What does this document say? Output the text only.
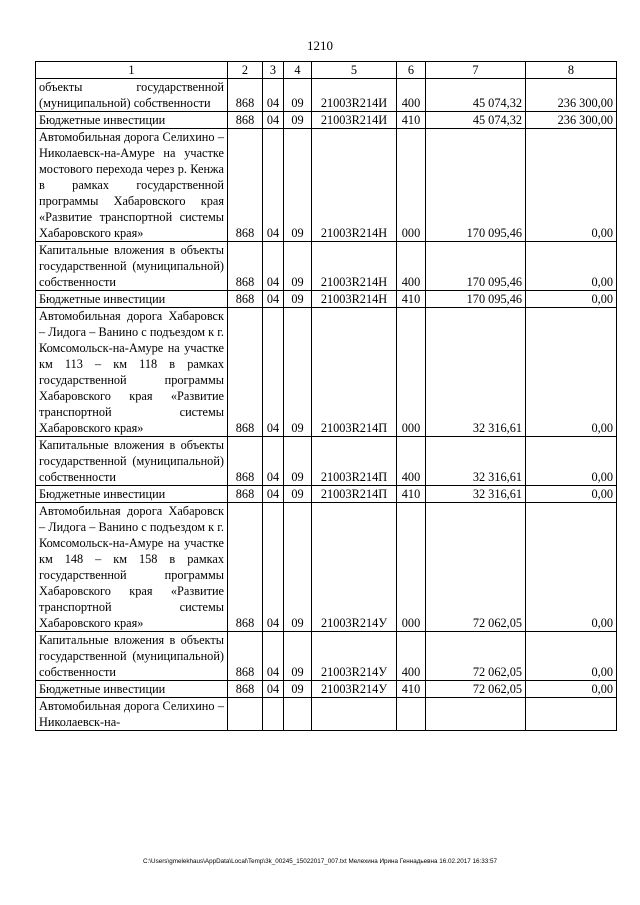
1210
1	2	3	4	5	6	7	8
объекты государственной (муниципальной) собственности	868	04	09	21003R214И	400	45 074,32	236 300,00
Бюджетные инвестиции	868	04	09	21003R214И	410	45 074,32	236 300,00
Автомобильная дорога Селихино – Николаевск-на-Амуре на участке мостового перехода через р. Кенжа в рамках государственной программы Хабаровского края «Развитие транспортной системы Хабаровского края»	868	04	09	21003R214Н	000	170 095,46	0,00
Капитальные вложения в объекты государственной (муниципальной) собственности	868	04	09	21003R214Н	400	170 095,46	0,00
Бюджетные инвестиции	868	04	09	21003R214Н	410	170 095,46	0,00
Автомобильная дорога Хабаровск – Лидога – Ванино с подъездом к г. Комсомольск-на-Амуре на участке км 113 – км 118 в рамках государственной программы Хабаровского края «Развитие транспортной системы Хабаровского края»	868	04	09	21003R214П	000	32 316,61	0,00
Капитальные вложения в объекты государственной (муниципальной) собственности	868	04	09	21003R214П	400	32 316,61	0,00
Бюджетные инвестиции	868	04	09	21003R214П	410	32 316,61	0,00
Автомобильная дорога Хабаровск – Лидога – Ванино с подъездом к г. Комсомольск-на-Амуре на участке км 148 – км 158 в рамках государственной программы Хабаровского края «Развитие транспортной системы Хабаровского края»	868	04	09	21003R214У	000	72 062,05	0,00
Капитальные вложения в объекты государственной (муниципальной) собственности	868	04	09	21003R214У	400	72 062,05	0,00
Бюджетные инвестиции	868	04	09	21003R214У	410	72 062,05	0,00
Автомобильная дорога Селихино – Николаевск-на-							
C:\Users\gmelekhaus\AppData\Local\Temp\3k_00245_15022017_007.txt Мелехина Ирина Геннадьевна 16.02.2017 16:33:57
